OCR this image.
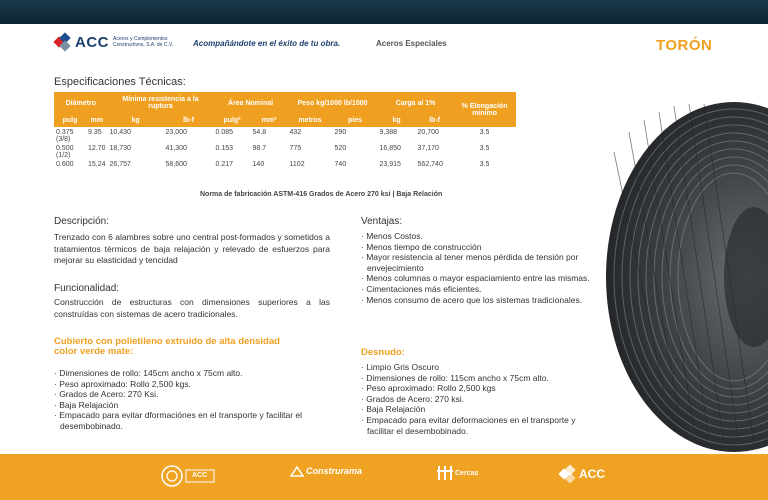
ACC Aceros y Complementos Constructivos, S.A. de C.V.	Acompañándote en el éxito de tu obra.	Aceros Especiales	TORÓN
Especificaciones Técnicas:
Diámetro		Mínima resistencia a la ruptura		Área Nominal		Peso kg/1000 lb/1000		Carga al 1%		% Elongación mínimo
pulg	mm	kg	lb-f	pulg²	mm²	metros	pies	kg	lb-f	
0.375 (3/8)	9.35	10,430	23,000	0.085	54.8	432	290	9,388	20,700	3.5
0.500 (1/2)	12.70	18,730	41,300	0.153	98.7	775	520	16,850	37,170	3.5
0.600	15.24	26,757	58,600	0.217	140	1102	740	23,915	562,740	3.5
Norma de fabricación ASTM-416 Grados de Acero 270 ksi | Baja Relación
Descripción:
Trenzado con 6 alambres sobre uno central post-formados y sometidos a tratamientos térmicos de baja relajación y relevado de esfuerzos para mejorar su elasticidad y tencidad
Funcionalidad:
Construcción de estructuras con dimensiones superiores a las construídas con sistemas de acero tradicionales.
Cubierto con polietileno extruído de alta densidad color verde mate:
· Dimensiones de rollo: 145cm ancho x 75cm alto.
· Peso aproximado: Rollo 2,500 kgs.
· Grados de Acero: 270 Ksi.
· Baja Relajación
· Empacado para evitar dformaciónes en el transporte y facilitar el desembobinado.
Ventajas:
· Menos Costos.
· Menos tiempo de construcción
· Mayor resistencia al tener menos pérdida de tensión por envejecimiento
· Menos columnas o mayor espaciamiento entre las mismas.
· Cimentaciones más eficientes.
· Menos consumo de acero que los sistemas tradicionales.
Desnudo:
· Limpio Gris Oscuro
· Dimensiones de rollo: 115cm ancho x 75cm alto.
· Peso aproximado: Rollo 2,500 kgs
· Grados de Acero: 270 ksi.
· Baja Relajación
· Empacado para evitar deformaciones en el transporte y facilitar el desembobinado.
ACC	Construrama	Cercas	ACC
